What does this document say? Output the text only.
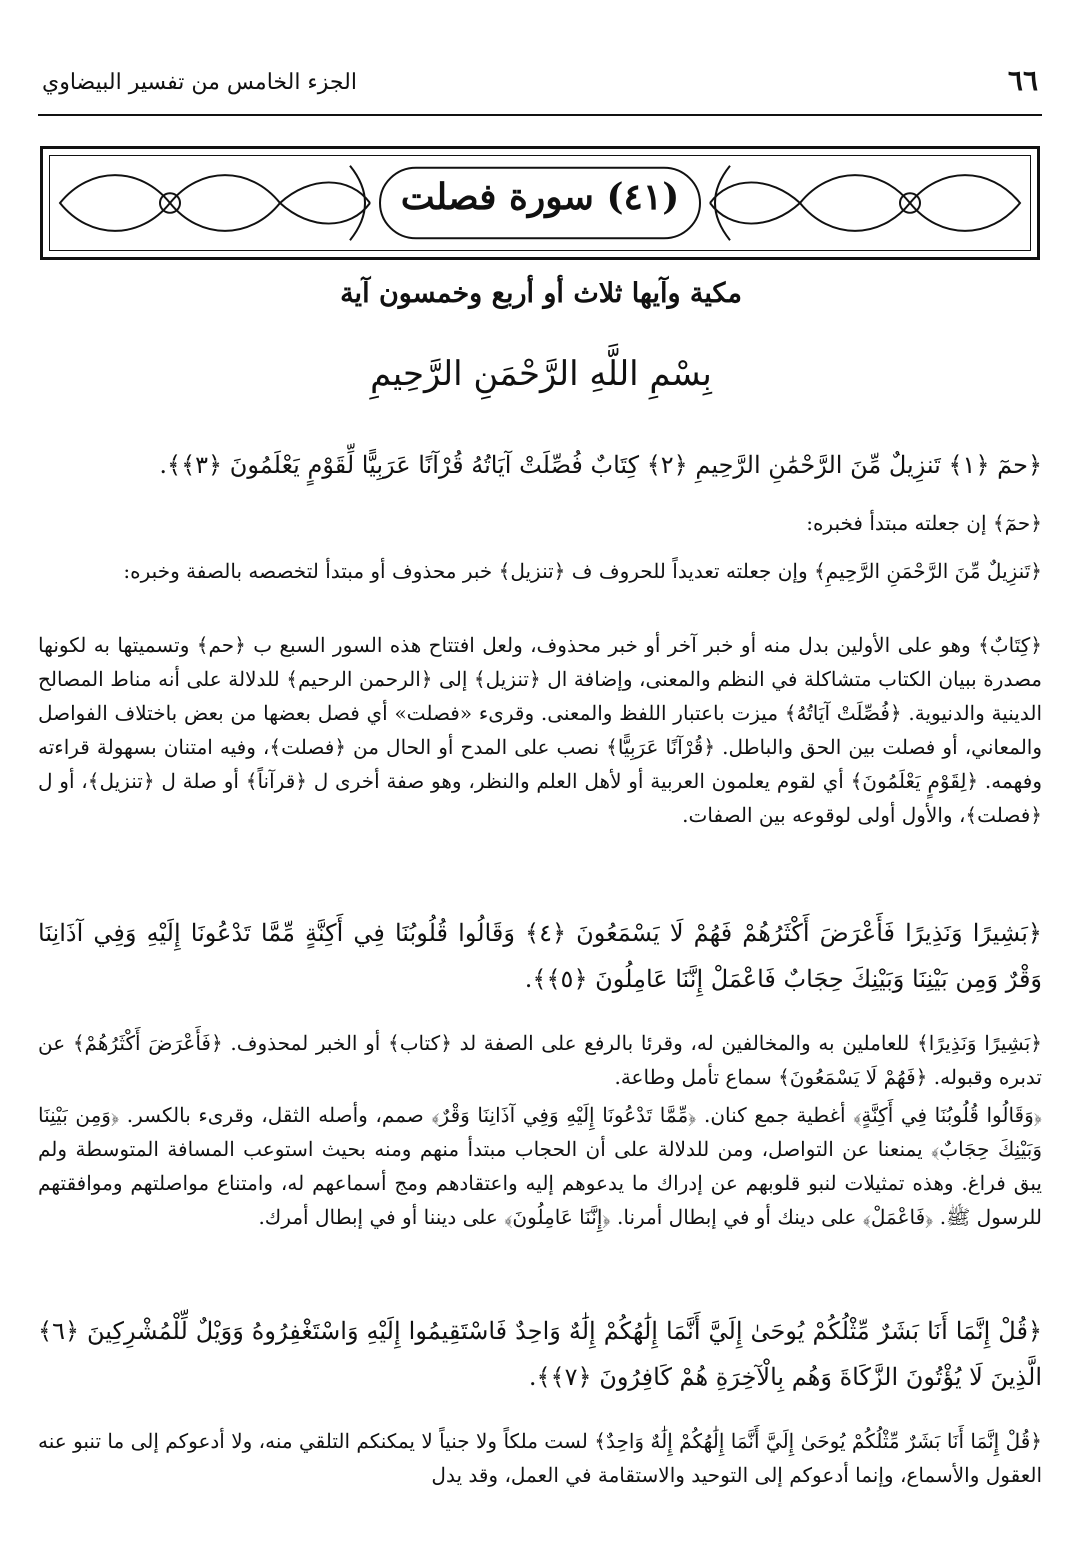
٦٦
الجزء الخامس من تفسير البيضاوي
(٤١) سورة فصلت
مكية وآيها ثلاث أو أربع وخمسون آية
بِسْمِ اللَّهِ الرَّحْمَنِ الرَّحِيمِ
﴿حمٓ ﴿١﴾ تَنزِيلٌ مِّنَ الرَّحْمَٰنِ الرَّحِيمِ ﴿٢﴾ كِتَابٌ فُصِّلَتْ آيَاتُهُ قُرْآنًا عَرَبِيًّا لِّقَوْمٍ يَعْلَمُونَ ﴿٣﴾﴾.
﴿حمٓ﴾ إن جعلته مبتدأ فخبره:
﴿تَنزِيلٌ مِّنَ الرَّحْمَنِ الرَّحِيمِ﴾ وإن جعلته تعديداً للحروف ف ﴿تنزيل﴾ خبر محذوف أو مبتدأ لتخصصه بالصفة وخبره:
﴿كِتَابٌ﴾ وهو على الأولين بدل منه أو خبر آخر أو خبر محذوف، ولعل افتتاح هذه السور السبع ب ﴿حم﴾ وتسميتها به لكونها مصدرة ببيان الكتاب متشاكلة في النظم والمعنى، وإضافة ال ﴿تنزيل﴾ إلى ﴿الرحمن الرحيم﴾ للدلالة على أنه مناط المصالح الدينية والدنيوية. ﴿فُصِّلَتْ آيَاتُهُ﴾ ميزت باعتبار اللفظ والمعنى. وقرىء «فصلت» أي فصل بعضها من بعض باختلاف الفواصل والمعاني، أو فصلت بين الحق والباطل. ﴿قُرْآنًا عَرَبِيًّا﴾ نصب على المدح أو الحال من ﴿فصلت﴾، وفيه امتنان بسهولة قراءته وفهمه. ﴿لِقَوْمٍ يَعْلَمُونَ﴾ أي لقوم يعلمون العربية أو لأهل العلم والنظر، وهو صفة أخرى ل ﴿قرآناً﴾ أو صلة ل ﴿تنزيل﴾، أو ل ﴿فصلت﴾، والأول أولى لوقوعه بين الصفات.
﴿بَشِيرًا وَنَذِيرًا فَأَعْرَضَ أَكْثَرُهُمْ فَهُمْ لَا يَسْمَعُونَ ﴿٤﴾ وَقَالُوا قُلُوبُنَا فِي أَكِنَّةٍ مِّمَّا تَدْعُونَا إِلَيْهِ وَفِي آذَانِنَا وَقْرٌ وَمِن بَيْنِنَا وَبَيْنِكَ حِجَابٌ فَاعْمَلْ إِنَّنَا عَامِلُونَ ﴿٥﴾﴾.
﴿بَشِيرًا وَنَذِيرًا﴾ للعاملين به والمخالفين له، وقرئا بالرفع على الصفة لد ﴿كتاب﴾ أو الخبر لمحذوف. ﴿فَأَعْرَضَ أَكْثَرُهُمْ﴾ عن تدبره وقبوله. ﴿فَهُمْ لَا يَسْمَعُونَ﴾ سماع تأمل وطاعة.
﴿وَقَالُوا قُلُوبُنَا فِي أَكِنَّةٍ﴾ أغطية جمع كنان. ﴿مِّمَّا تَدْعُونَا إِلَيْهِ وَفِي آذَانِنَا وَقْرٌ﴾ صمم، وأصله الثقل، وقرىء بالكسر. ﴿وَمِن بَيْنِنَا وَبَيْنِكَ حِجَابٌ﴾ يمنعنا عن التواصل، ومن للدلالة على أن الحجاب مبتدأ منهم ومنه بحيث استوعب المسافة المتوسطة ولم يبق فراغ. وهذه تمثيلات لنبو قلوبهم عن إدراك ما يدعوهم إليه واعتقادهم ومج أسماعهم له، وامتناع مواصلتهم وموافقتهم للرسول ﷺ. ﴿فَاعْمَلْ﴾ على دينك أو في إبطال أمرنا. ﴿إِنَّنَا عَامِلُونَ﴾ على ديننا أو في إبطال أمرك.
﴿قُلْ إِنَّمَا أَنَا بَشَرٌ مِّثْلُكُمْ يُوحَىٰ إِلَيَّ أَنَّمَا إِلَٰهُكُمْ إِلَٰهٌ وَاحِدٌ فَاسْتَقِيمُوا إِلَيْهِ وَاسْتَغْفِرُوهُ وَوَيْلٌ لِّلْمُشْرِكِينَ ﴿٦﴾ الَّذِينَ لَا يُؤْتُونَ الزَّكَاةَ وَهُم بِالْآخِرَةِ هُمْ كَافِرُونَ ﴿٧﴾﴾.
﴿قُلْ إِنَّمَا أَنَا بَشَرٌ مِّثْلُكُمْ يُوحَىٰ إِلَيَّ أَنَّمَا إِلَٰهُكُمْ إِلَٰهٌ وَاحِدٌ﴾ لست ملكاً ولا جنياً لا يمكنكم التلقي منه، ولا أدعوكم إلى ما تنبو عنه العقول والأسماع، وإنما أدعوكم إلى التوحيد والاستقامة في العمل، وقد يدل
